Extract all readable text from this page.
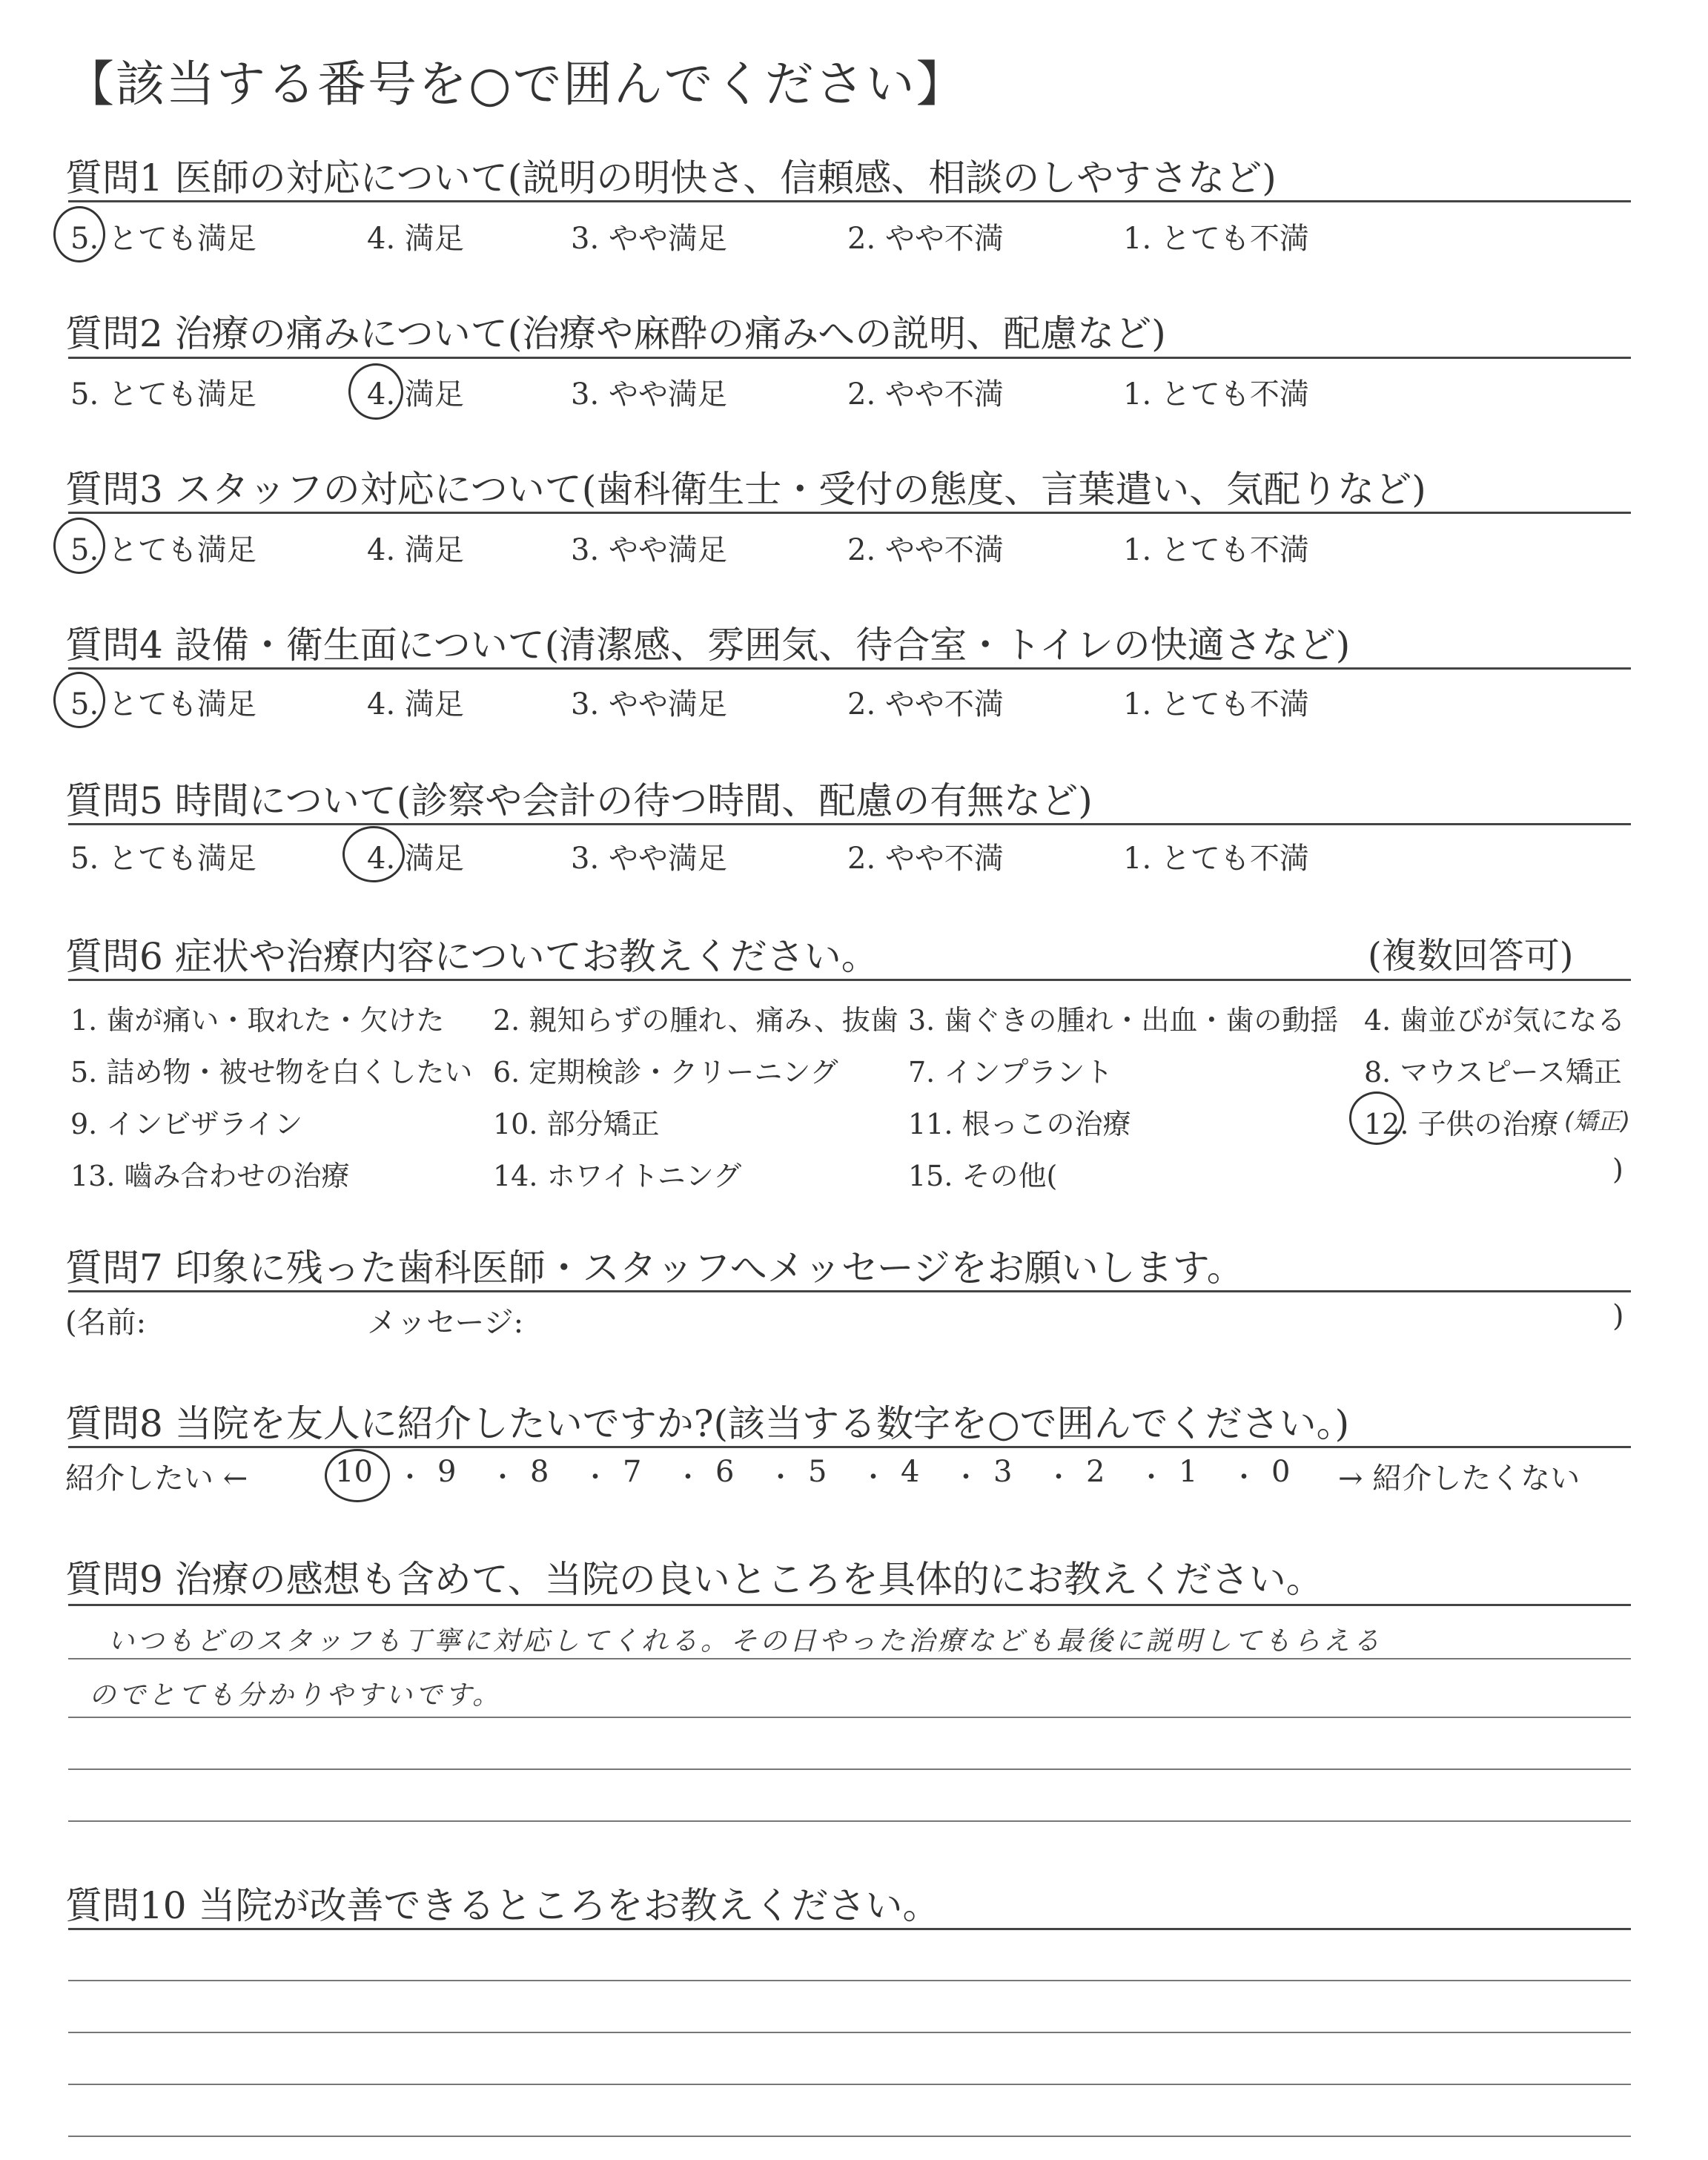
【該当する番号を○で囲んでください】
質問1 医師の対応について(説明の明快さ、信頼感、相談のしやすさなど)
5. とても満足	4. 満足	3. やや満足	2. やや不満	1. とても不満
質問2 治療の痛みについて(治療や麻酔の痛みへの説明、配慮など)
5. とても満足	4. 満足	3. やや満足	2. やや不満	1. とても不満
質問3 スタッフの対応について(歯科衛生士・受付の態度、言葉遣い、気配りなど)
5. とても満足	4. 満足	3. やや満足	2. やや不満	1. とても不満
質問4 設備・衛生面について(清潔感、雰囲気、待合室・トイレの快適さなど)
5. とても満足	4. 満足	3. やや満足	2. やや不満	1. とても不満
質問5 時間について(診察や会計の待つ時間、配慮の有無など)
5. とても満足	4. 満足	3. やや満足	2. やや不満	1. とても不満
質問6 症状や治療内容についてお教えください。	(複数回答可)
1. 歯が痛い・取れた・欠けた 2. 親知らずの腫れ、痛み、抜歯 3. 歯ぐきの腫れ・出血・歯の動揺 4. 歯並びが気になる
5. 詰め物・被せ物を白くしたい 6. 定期検診・クリーニング 7. インプラント	8. マウスピース矯正
9. インビザライン	10. 部分矯正	11. 根っこの治療	12. 子供の治療 (矯正)
13. 嚙み合わせの治療	14. ホワイトニング	15. その他(	)
質問7 印象に残った歯科医師・スタッフへメッセージをお願いします。
(名前:	メッセージ:	)
質問8 当院を友人に紹介したいですか?(該当する数字を○で囲んでください。)
紹介したい ←	10 ・ 9 ・ 8 ・ 7 ・ 6 ・ 5 ・ 4 ・ 3 ・ 2 ・ 1 ・ 0 → 紹介したくない
質問9 治療の感想も含めて、当院の良いところを具体的にお教えください。
いつもどのスタッフも丁寧に対応してくれる。その日やった治療なども最後に説明してもらえる
のでとても分かりやすいです。
質問10 当院が改善できるところをお教えください。
